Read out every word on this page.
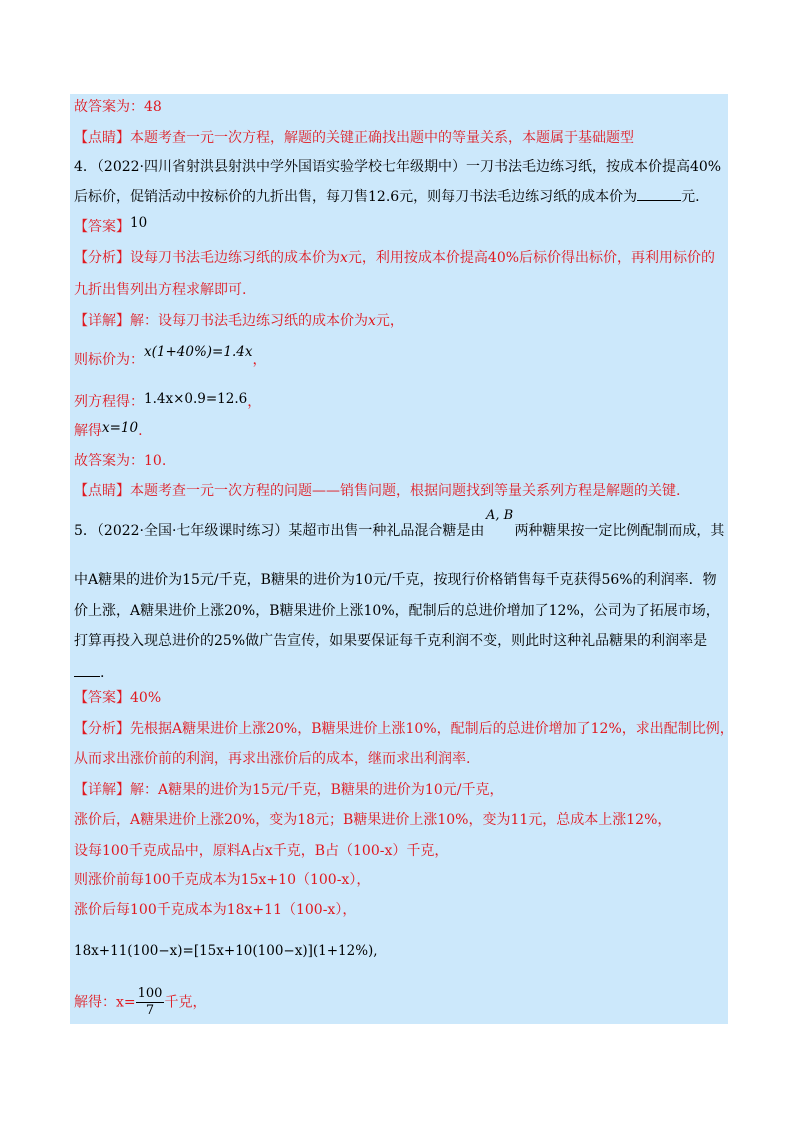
故答案为：48
【点睛】本题考查一元一次方程，解题的关键正确找出题中的等量关系，本题属于基础题型
4．（2022·四川省射洪县射洪中学外国语实验学校七年级期中）一刀书法毛边练习纸，按成本价提高40%
后标价，促销活动中按标价的九折出售，每刀售12.6元，则每刀书法毛边练习纸的成本价为	元.
【答案】10
【分析】设每刀书法毛边练习纸的成本价为x元，利用按成本价提高40%后标价得出标价，再利用标价的
九折出售列出方程求解即可.
【详解】解：设每刀书法毛边练习纸的成本价为x元，
则标价为：x(1+40%)=1.4x，
列方程得：1.4x×0.9=12.6，
解得x=10.
故答案为：10.
【点睛】本题考查一元一次方程的问题——销售问题，根据问题找到等量关系列方程是解题的关键.
A, B
5．（2022·全国·七年级课时练习）某超市出售一种礼品混合糖是由 两种糖果按一定比例配制而成，其
中A糖果的进价为15元/千克，B糖果的进价为10元/千克，按现行价格销售每千克获得56%的利润率．物
价上涨，A糖果进价上涨20%，B糖果进价上涨10%，配制后的总进价增加了12%，公司为了拓展市场，
打算再投入现总进价的25%做广告宣传，如果要保证每千克利润不变，则此时这种礼品糖果的利润率是
.
【答案】40%
【分析】先根据A糖果进价上涨20%，B糖果进价上涨10%，配制后的总进价增加了12%，求出配制比例，
从而求出涨价前的利润，再求出涨价后的成本，继而求出利润率.
【详解】解：A糖果的进价为15元/千克，B糖果的进价为10元/千克，
涨价后，A糖果进价上涨20%，变为18元；B糖果进价上涨10%，变为11元，总成本上涨12%，
设每100千克成品中，原料A占x千克，B占（100-x）千克，
则涨价前每100千克成本为15x+10（100-x），
涨价后每100千克成本为18x+11（100-x），
18x+11(100−x)=[15x+10(100−x)](1+12%),
解得：$x= \frac{100}{7}$ 千克，
